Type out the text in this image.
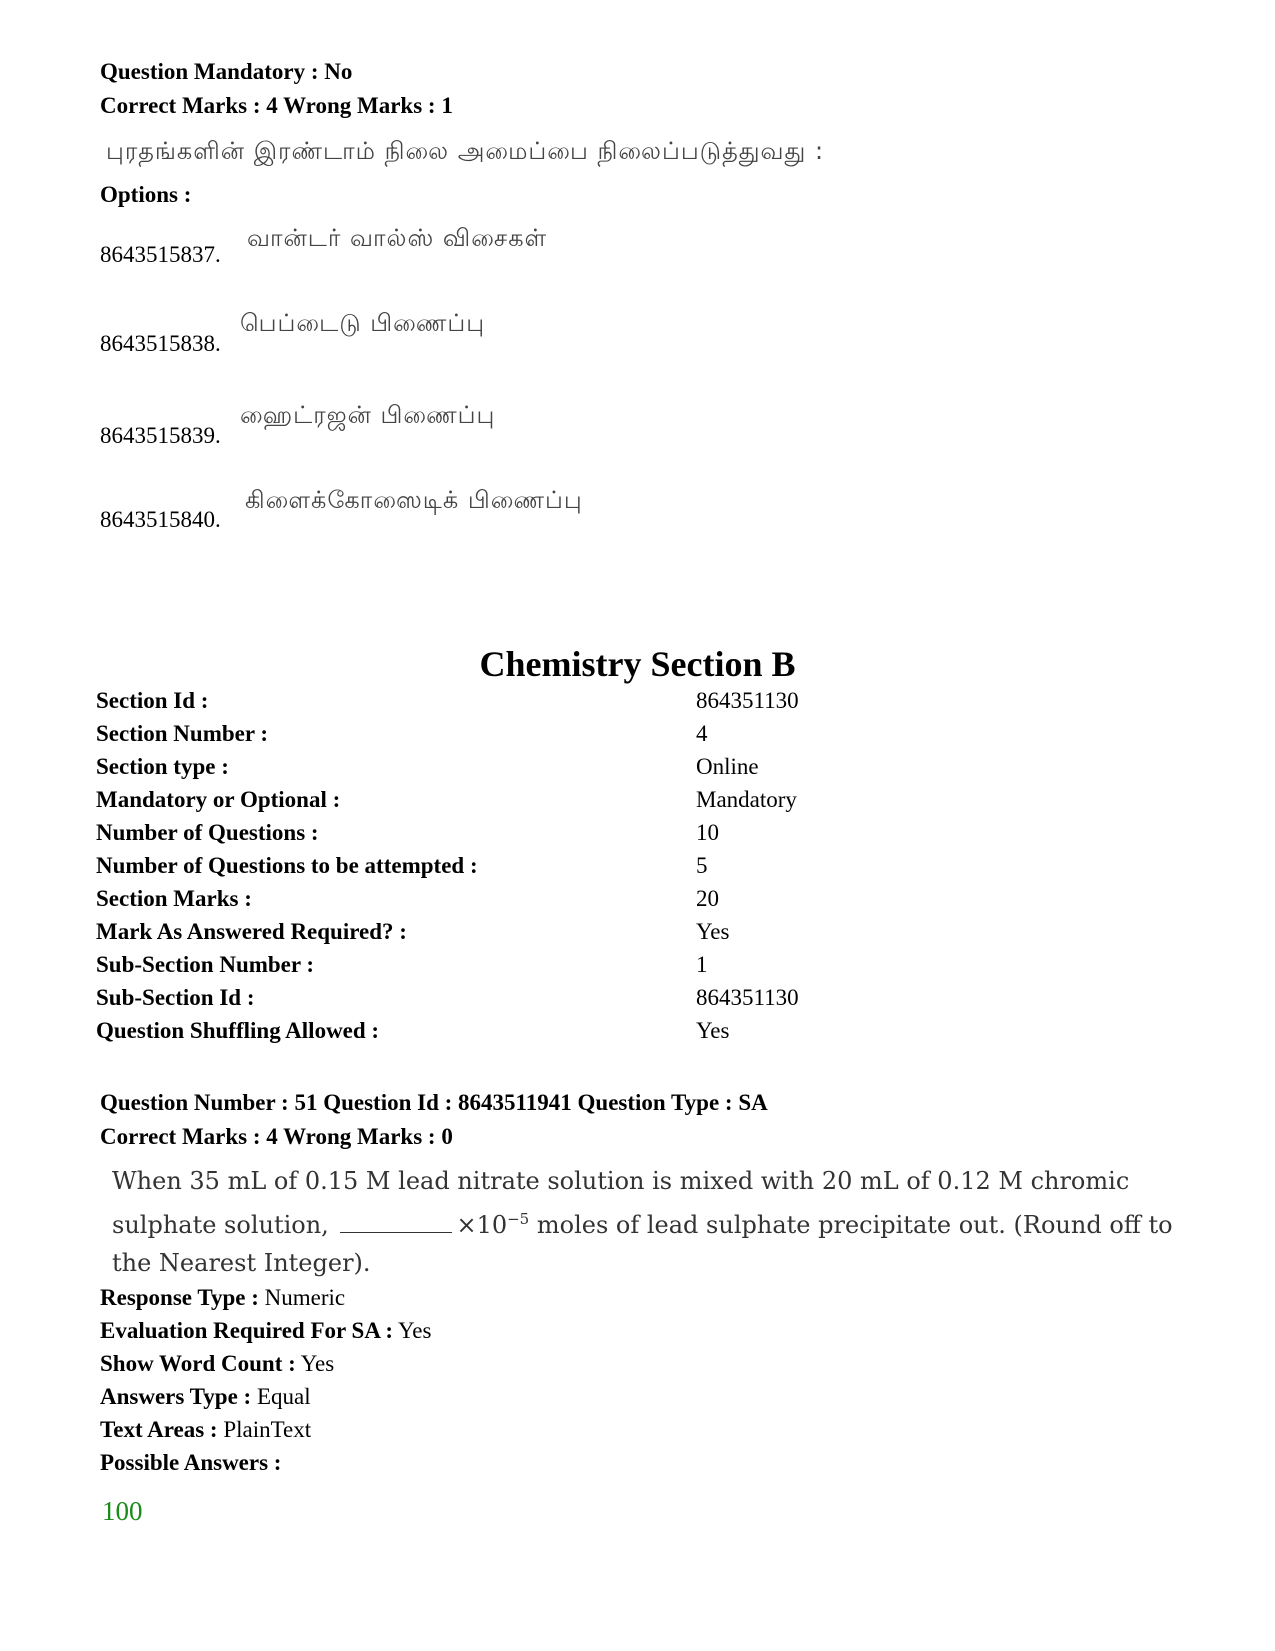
Question Mandatory : No
Correct Marks : 4 Wrong Marks : 1
புரதங்களின் இரண்டாம் நிலை அமைப்பை நிலைப்படுத்துவது :
Options :
8643515837.
வான்டர் வால்ஸ் விசைகள்
8643515838.
பெப்டைடு பிணைப்பு
8643515839.
ஹைட்ரஜன் பிணைப்பு
8643515840.
கிளைக்கோஸைடிக் பிணைப்பு
Chemistry Section B
Section Id :	864351130
Section Number :	4
Section type :	Online
Mandatory or Optional :	Mandatory
Number of Questions :	10
Number of Questions to be attempted :	5
Section Marks :	20
Mark As Answered Required? :	Yes
Sub-Section Number :	1
Sub-Section Id :	864351130
Question Shuffling Allowed :	Yes
Question Number : 51 Question Id : 8643511941 Question Type : SA
Correct Marks : 4 Wrong Marks : 0
When 35 mL of 0.15 M lead nitrate solution is mixed with 20 mL of 0.12 M chromic sulphate solution,	$\times 10^{-5}$ moles of lead sulphate precipitate out. (Round off to the Nearest Integer).
Response Type : Numeric
Evaluation Required For SA : Yes
Show Word Count : Yes
Answers Type : Equal
Text Areas : PlainText
Possible Answers :
100
